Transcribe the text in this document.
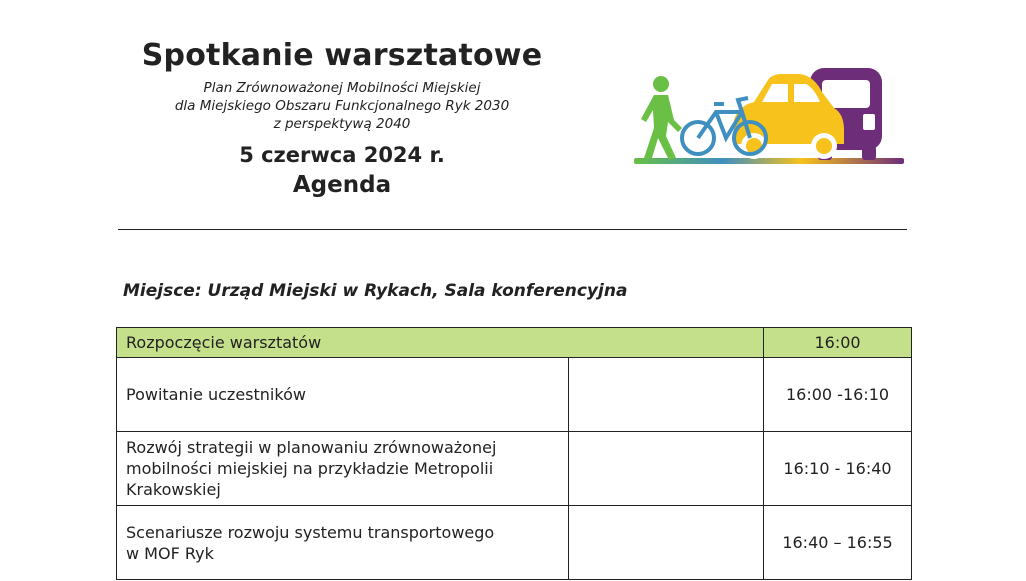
Spotkanie warsztatowe
Plan Zrównoważonej Mobilności Miejskiej
dla Miejskiego Obszaru Funkcjonalnego Ryk 2030
z perspektywą 2040
5 czerwca 2024 r.
Agenda
Miejsce: Urząd Miejski w Rykach, Sala konferencyjna
Rozpoczęcie warsztatów		16:00

Powitanie uczestników		16:00 -16:10

Rozwój strategii w planowaniu zrównoważonej
mobilności miejskiej na przykładzie Metropolii
Krakowskiej		16:10 - 16:40

Scenariusze rozwoju systemu transportowego
w MOF Ryk		16:40 – 16:55
